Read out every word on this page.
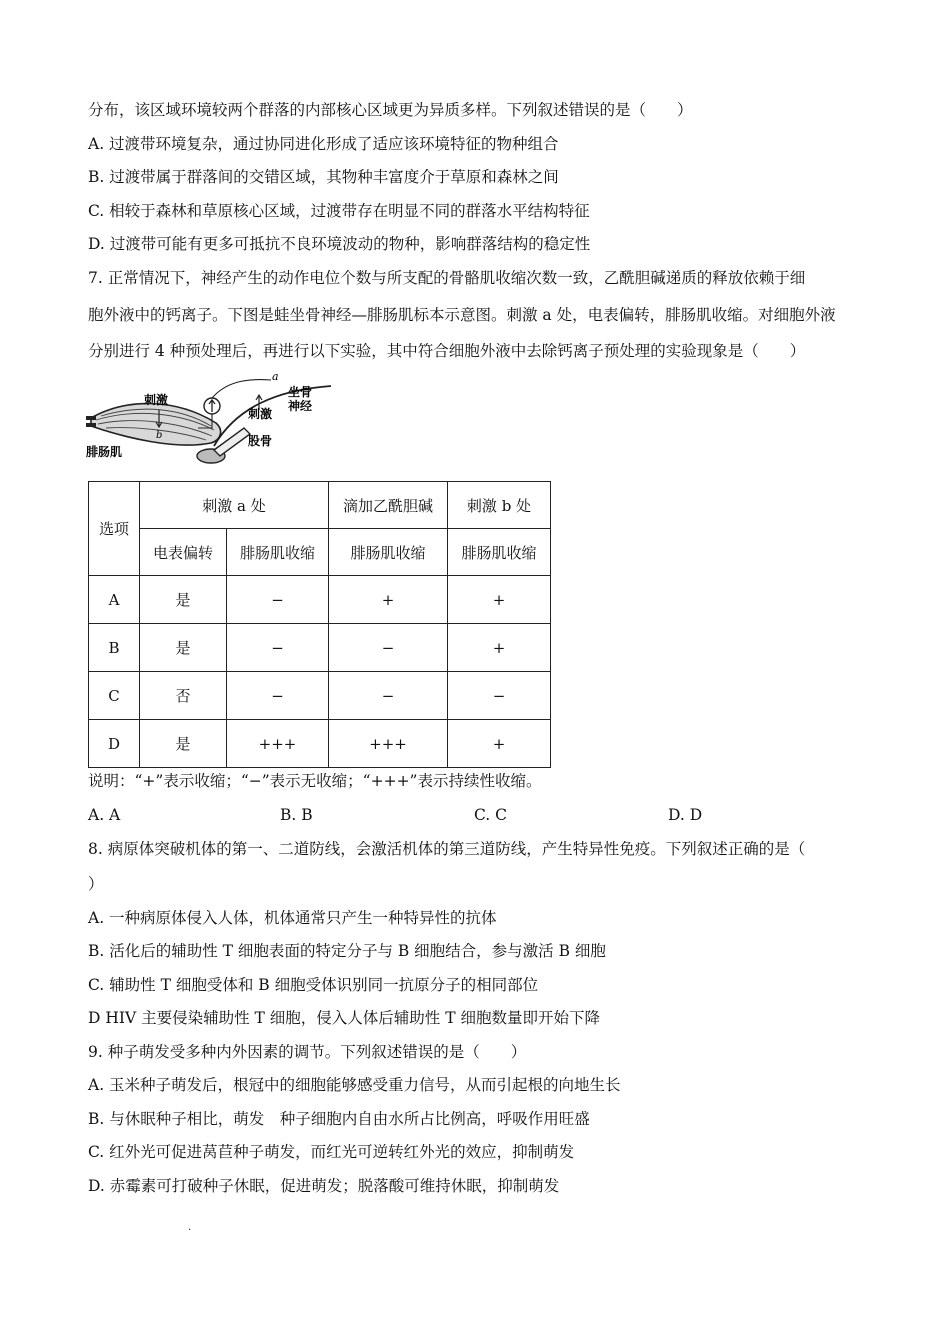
分布，该区域环境较两个群落的内部核心区域更为异质多样。下列叙述错误的是（　　）
A. 过渡带环境复杂，通过协同进化形成了适应该环境特征的物种组合
B. 过渡带属于群落间的交错区域，其物种丰富度介于草原和森林之间
C. 相较于森林和草原核心区域，过渡带存在明显不同的群落水平结构特征
D. 过渡带可能有更多可抵抗不良环境波动的物种，影响群落结构的稳定性
7. 正常情况下，神经产生的动作电位个数与所支配的骨骼肌收缩次数一致，乙酰胆碱递质的释放依赖于细
胞外液中的钙离子。下图是蛙坐骨神经—腓肠肌标本示意图。刺激 a 处，电表偏转，腓肠肌收缩。对细胞外液
分别进行 4 种预处理后，再进行以下实验，其中符合细胞外液中去除钙离子预处理的实验现象是（　　）
刺激
b
腓肠肌
a
坐骨
神经
刺激
股骨
选项	刺激 a 处		滴加乙酰胆碱	刺激 b 处
	电表偏转	腓肠肌收缩	腓肠肌收缩	腓肠肌收缩
A	是	−	+	+
B	是	−	−	+
C	否	−	−	−
D	是	+++	+++	+
说明：“+”表示收缩；“−”表示无收缩；“+++”表示持续性收缩。
A. A	B. B	C. C	D. D
8. 病原体突破机体的第一、二道防线，会激活机体的第三道防线，产生特异性免疫。下列叙述正确的是（
）
A. 一种病原体侵入人体，机体通常只产生一种特异性的抗体
B. 活化后的辅助性 T 细胞表面的特定分子与 B 细胞结合，参与激活 B 细胞
C. 辅助性 T 细胞受体和 B 细胞受体识别同一抗原分子的相同部位
D HIV 主要侵染辅助性 T 细胞，侵入人体后辅助性 T 细胞数量即开始下降
9. 种子萌发受多种内外因素的调节。下列叙述错误的是（　　）
A. 玉米种子萌发后，根冠中的细胞能够感受重力信号，从而引起根的向地生长
B. 与休眠种子相比，萌发　种子细胞内自由水所占比例高，呼吸作用旺盛
C. 红外光可促进莴苣种子萌发，而红光可逆转红外光的效应，抑制萌发
D. 赤霉素可打破种子休眠，促进萌发；脱落酸可维持休眠，抑制萌发
.
